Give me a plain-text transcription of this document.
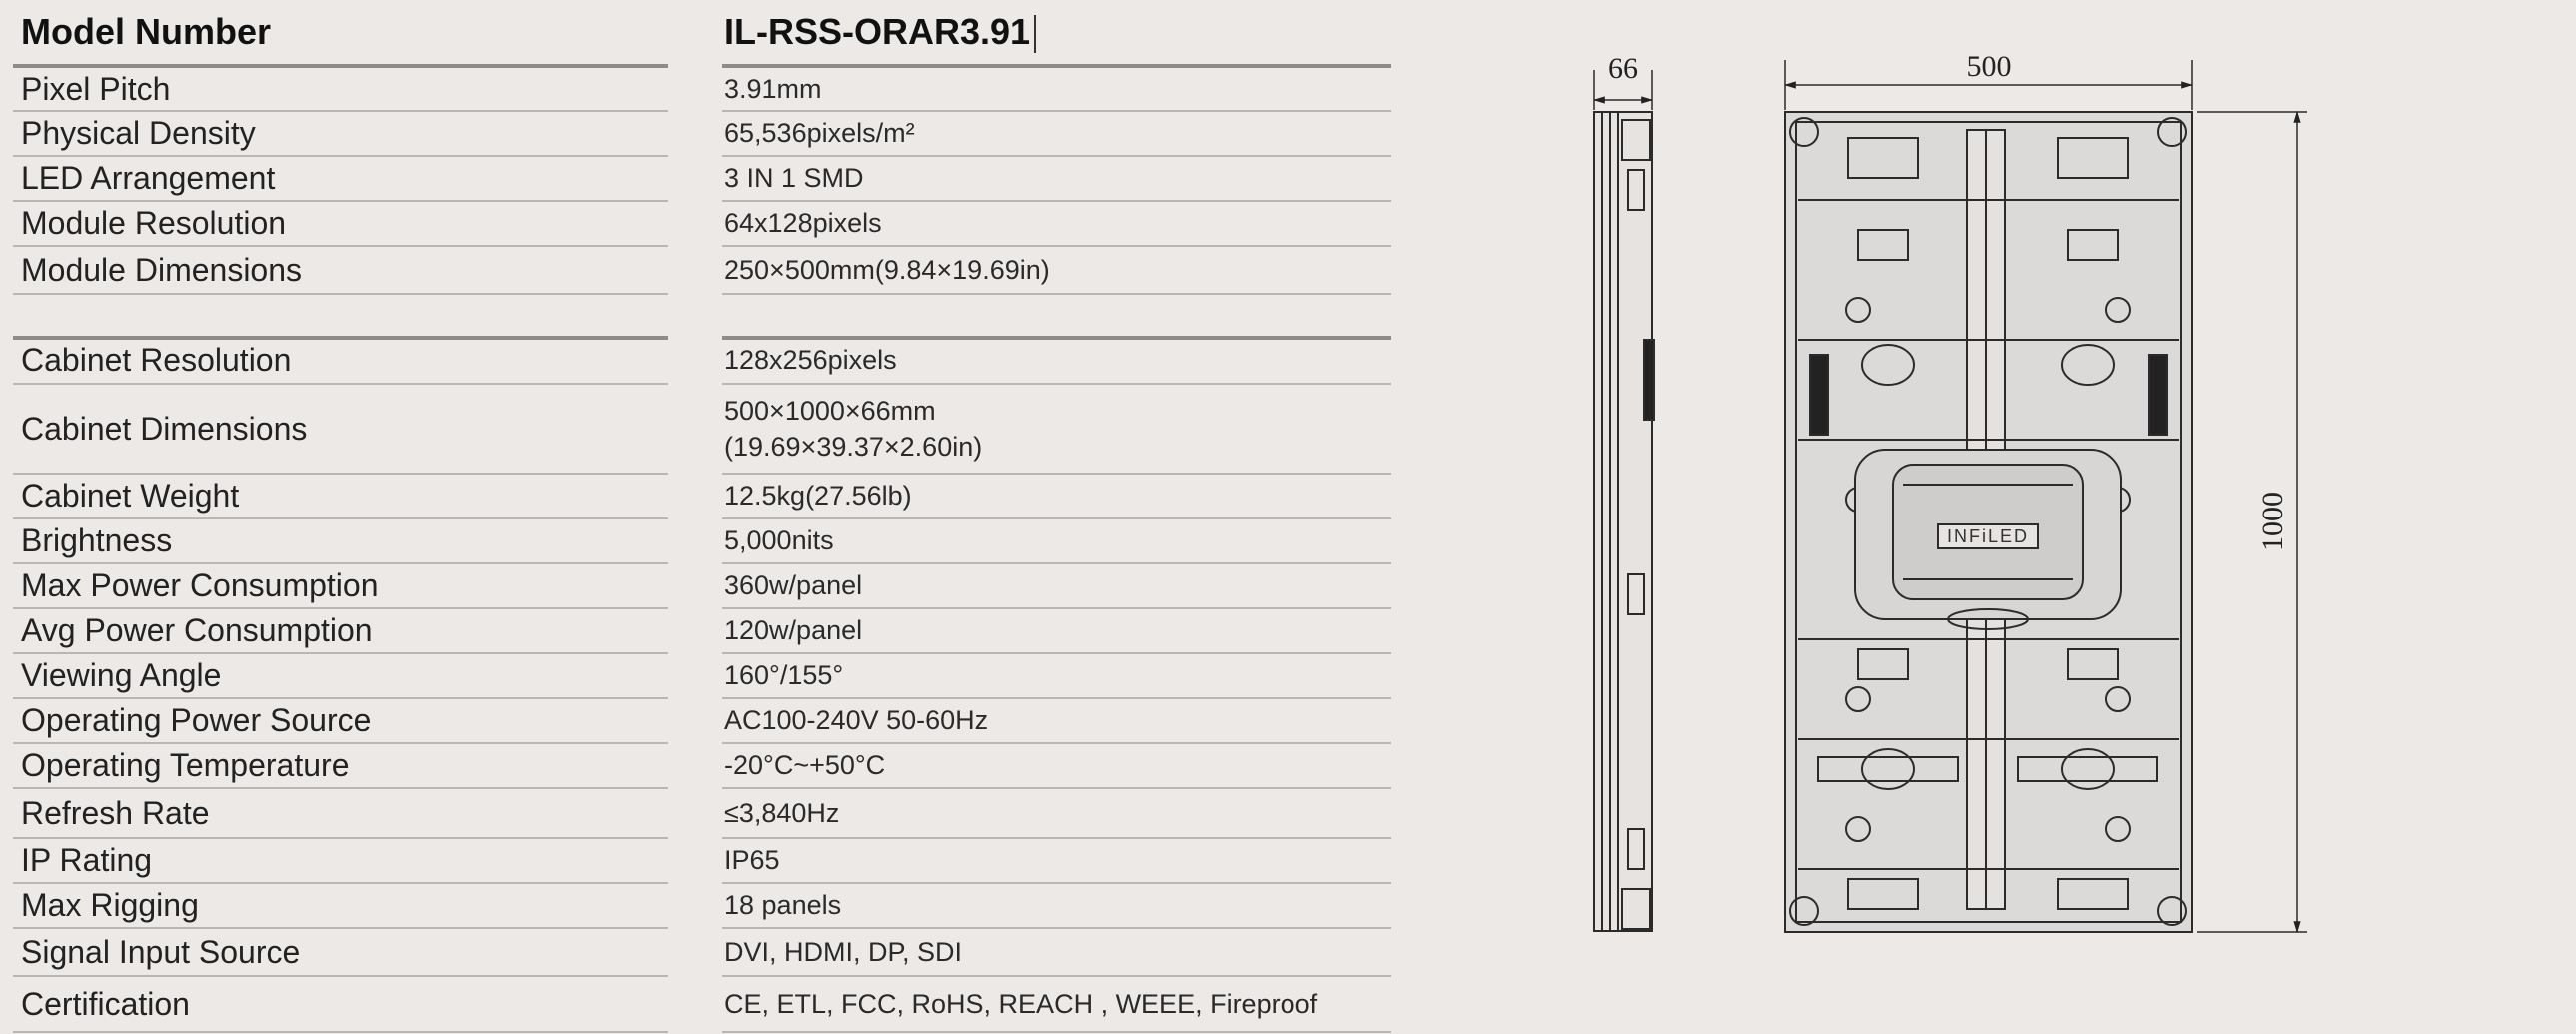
Model Number	IL-RSS-ORAR3.91
Pixel Pitch	3.91mm
Physical Density	65,536pixels/m²
LED Arrangement	3 IN 1 SMD
Module Resolution	64x128pixels
Module Dimensions	250×500mm(9.84×19.69in)
Cabinet Resolution	128x256pixels
Cabinet Dimensions	500×1000×66mm
(19.69×39.37×2.60in)
Cabinet Weight	12.5kg(27.56lb)
Brightness	5,000nits
Max Power Consumption	360w/panel
Avg Power Consumption	120w/panel
Viewing Angle	160°/155°
Operating Power Source	AC100-240V 50-60Hz
Operating Temperature	-20°C~+50°C
Refresh Rate	≤3,840Hz
IP Rating	IP65
Max Rigging	18 panels
Signal Input Source	DVI, HDMI, DP, SDI
Certification	CE, ETL, FCC, RoHS, REACH , WEEE, Fireproof
66	500
1000
INFiLED
